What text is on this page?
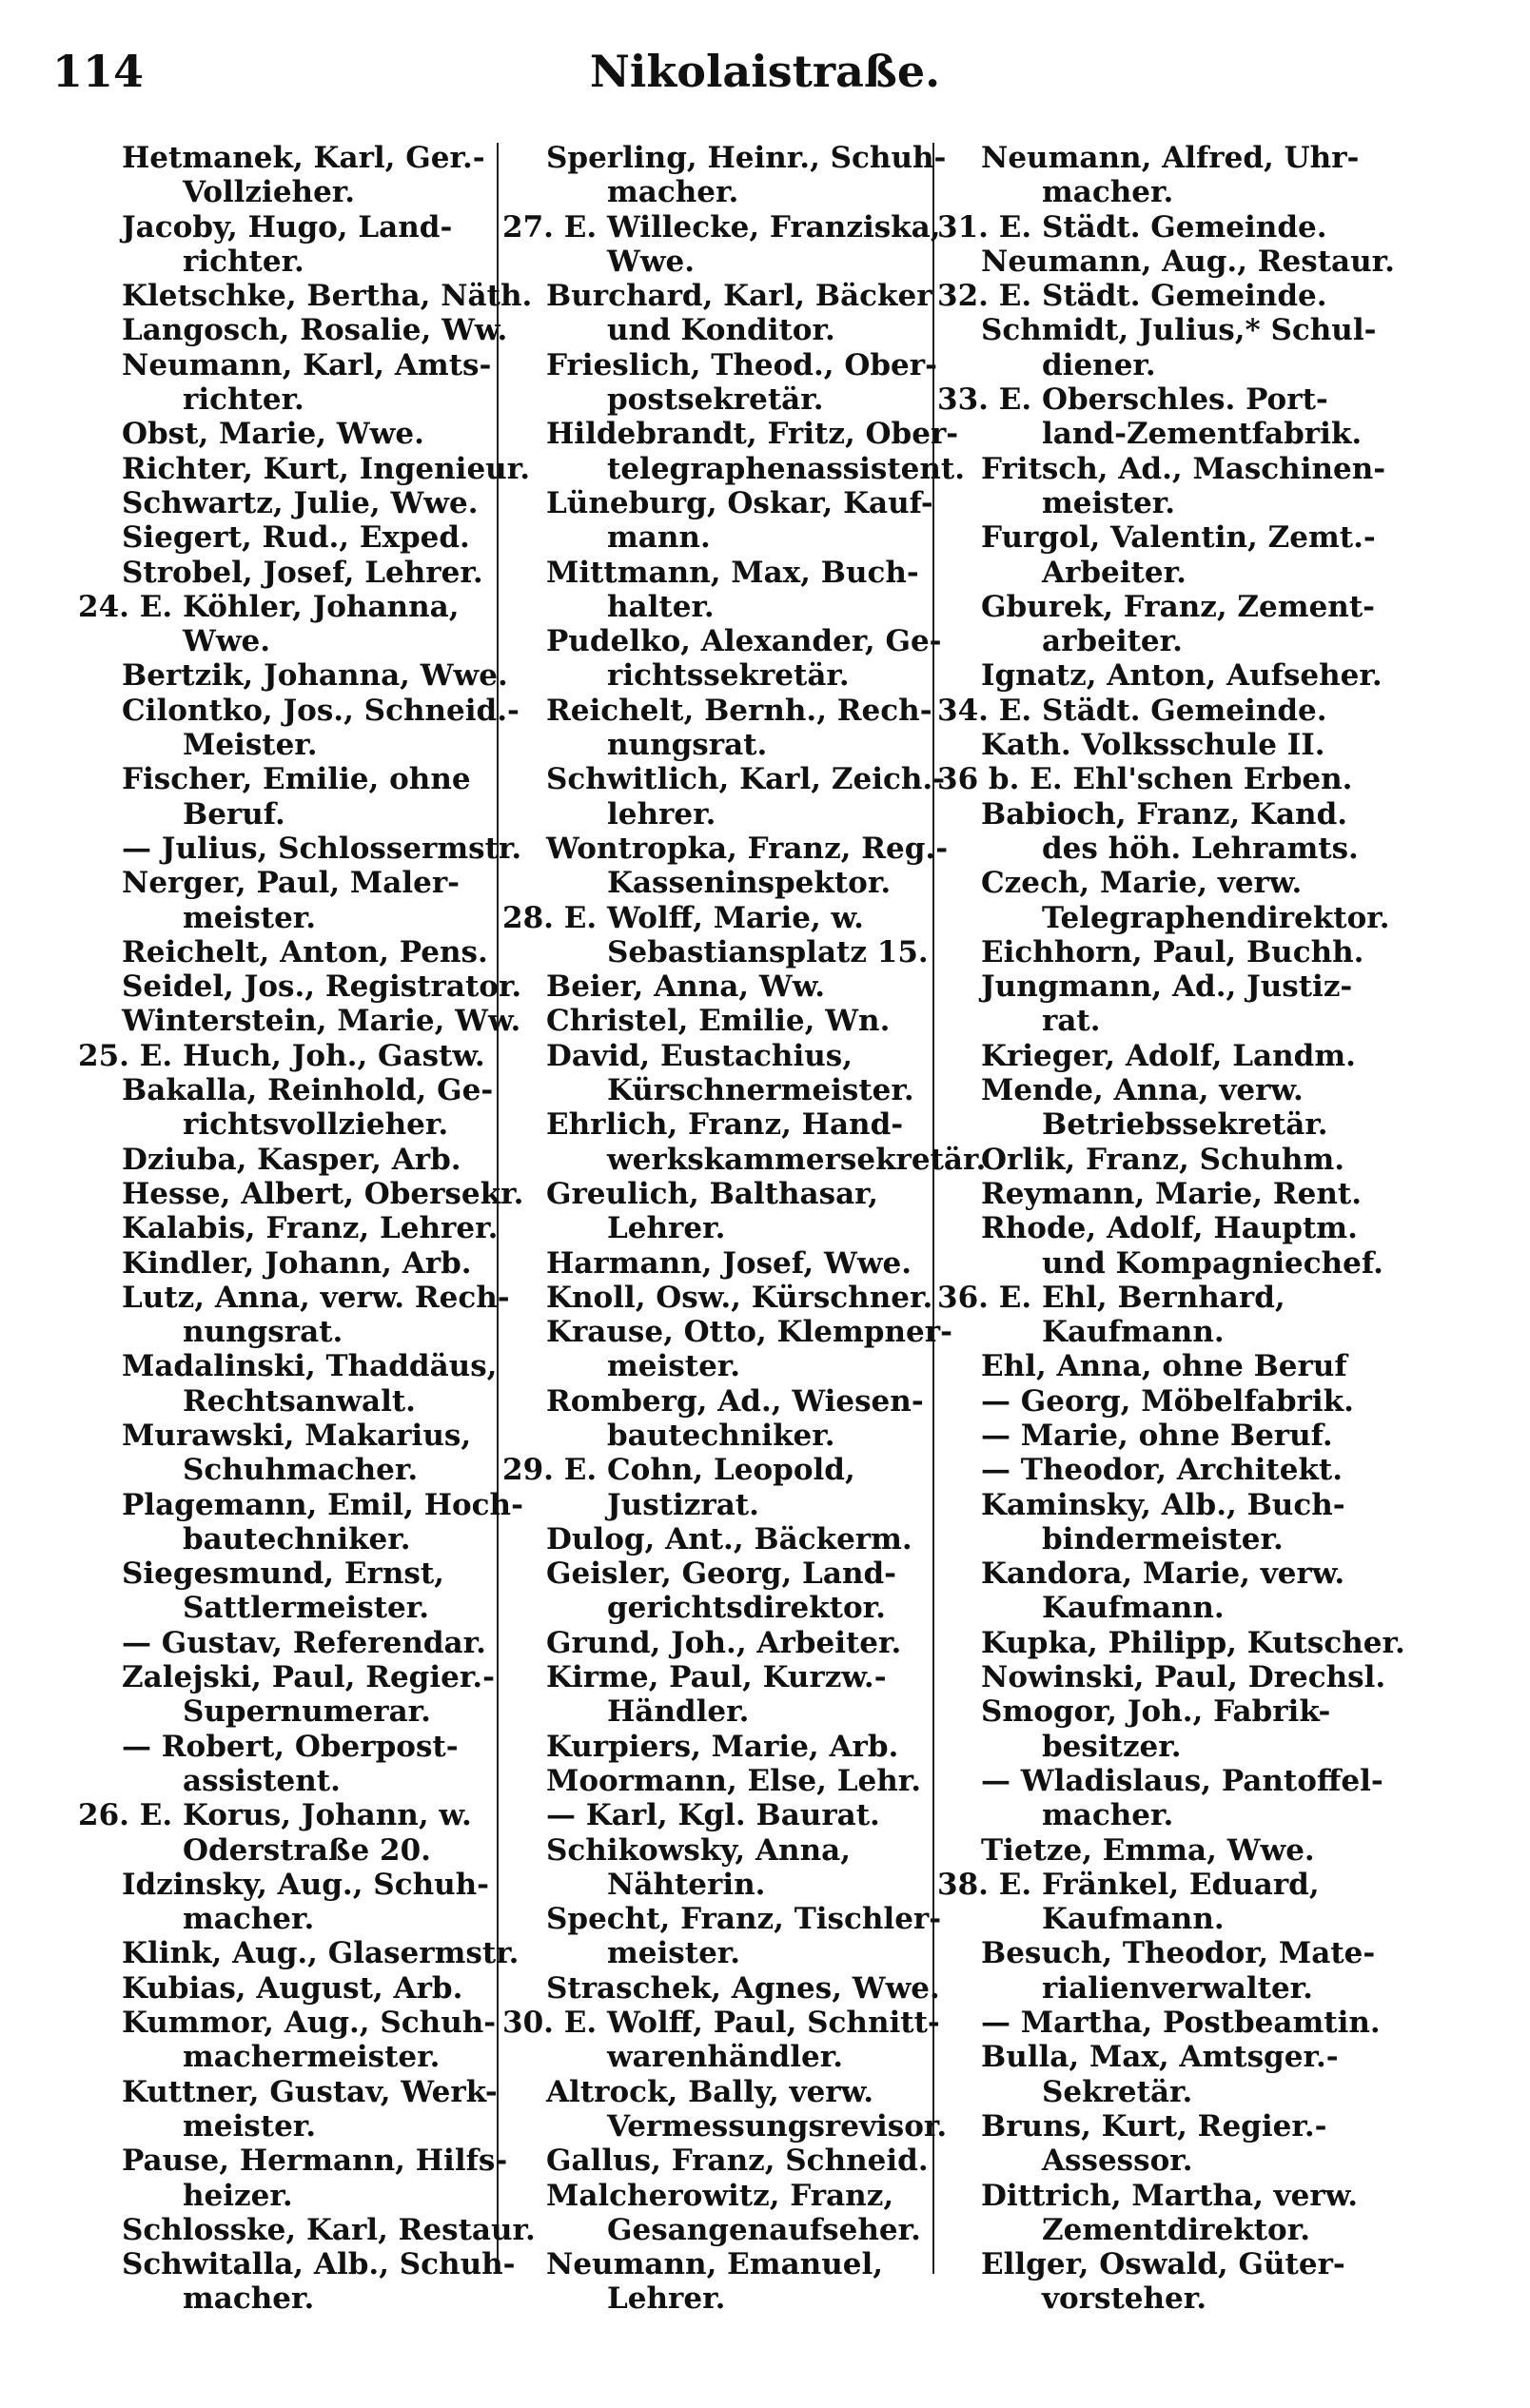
114	Nikolaistraße.
Hetmanek, Karl, Ger.-
Vollzieher.
Jacoby, Hugo, Land-
richter.
Kletschke, Bertha, Näth.
Langosch, Rosalie, Ww.
Neumann, Karl, Amts-
richter.
Obst, Marie, Wwe.
Richter, Kurt, Ingenieur.
Schwartz, Julie, Wwe.
Siegert, Rud., Exped.
Strobel, Josef, Lehrer.
24. E. Köhler, Johanna,
Wwe.
Bertzik, Johanna, Wwe.
Cilontko, Jos., Schneid.-
Meister.
Fischer, Emilie, ohne
Beruf.
— Julius, Schlossermstr.
Nerger, Paul, Maler-
meister.
Reichelt, Anton, Pens.
Seidel, Jos., Registrator.
Winterstein, Marie, Ww.
25. E. Huch, Joh., Gastw.
Bakalla, Reinhold, Ge-
richtsvollzieher.
Dziuba, Kasper, Arb.
Hesse, Albert, Obersekr.
Kalabis, Franz, Lehrer.
Kindler, Johann, Arb.
Lutz, Anna, verw. Rech-
nungsrat.
Madalinski, Thaddäus,
Rechtsanwalt.
Murawski, Makarius,
Schuhmacher.
Plagemann, Emil, Hoch-
bautechniker.
Siegesmund, Ernst,
Sattlermeister.
— Gustav, Referendar.
Zalejski, Paul, Regier.-
Supernumerar.
— Robert, Oberpost-
assistent.
26. E. Korus, Johann, w.
Oderstraße 20.
Idzinsky, Aug., Schuh-
macher.
Klink, Aug., Glasermstr.
Kubias, August, Arb.
Kummor, Aug., Schuh-
machermeister.
Kuttner, Gustav, Werk-
meister.
Pause, Hermann, Hilfs-
heizer.
Schlosske, Karl, Restaur.
Schwitalla, Alb., Schuh-
macher.
Sperling, Heinr., Schuh-
macher.
27. E. Willecke, Franziska,
Wwe.
Burchard, Karl, Bäcker
und Konditor.
Frieslich, Theod., Ober-
postsekretär.
Hildebrandt, Fritz, Ober-
telegraphenassistent.
Lüneburg, Oskar, Kauf-
mann.
Mittmann, Max, Buch-
halter.
Pudelko, Alexander, Ge-
richtssekretär.
Reichelt, Bernh., Rech-
nungsrat.
Schwitlich, Karl, Zeich.-
lehrer.
Wontropka, Franz, Reg.-
Kasseninspektor.
28. E. Wolff, Marie, w.
Sebastiansplatz 15.
Beier, Anna, Ww.
Christel, Emilie, Wn.
David, Eustachius,
Kürschnermeister.
Ehrlich, Franz, Hand-
werkskammersekretär.
Greulich, Balthasar,
Lehrer.
Harmann, Josef, Wwe.
Knoll, Osw., Kürschner.
Krause, Otto, Klempner-
meister.
Romberg, Ad., Wiesen-
bautechniker.
29. E. Cohn, Leopold,
Justizrat.
Dulog, Ant., Bäckerm.
Geisler, Georg, Land-
gerichtsdirektor.
Grund, Joh., Arbeiter.
Kirme, Paul, Kurzw.-
Händler.
Kurpiers, Marie, Arb.
Moormann, Else, Lehr.
— Karl, Kgl. Baurat.
Schikowsky, Anna,
Nähterin.
Specht, Franz, Tischler-
meister.
Straschek, Agnes, Wwe.
30. E. Wolff, Paul, Schnitt-
warenhändler.
Altrock, Bally, verw.
Vermessungsrevisor.
Gallus, Franz, Schneid.
Malcherowitz, Franz,
Gesangenaufseher.
Neumann, Emanuel,
Lehrer.
Neumann, Alfred, Uhr-
macher.
31. E. Städt. Gemeinde.
Neumann, Aug., Restaur.
32. E. Städt. Gemeinde.
Schmidt, Julius,* Schul-
diener.
33. E. Oberschles. Port-
land-Zementfabrik.
Fritsch, Ad., Maschinen-
meister.
Furgol, Valentin, Zemt.-
Arbeiter.
Gburek, Franz, Zement-
arbeiter.
Ignatz, Anton, Aufseher.
34. E. Städt. Gemeinde.
Kath. Volksschule II.
36 b. E. Ehl'schen Erben.
Babioch, Franz, Kand.
des höh. Lehramts.
Czech, Marie, verw.
Telegraphendirektor.
Eichhorn, Paul, Buchh.
Jungmann, Ad., Justiz-
rat.
Krieger, Adolf, Landm.
Mende, Anna, verw.
Betriebssekretär.
Orlik, Franz, Schuhm.
Reymann, Marie, Rent.
Rhode, Adolf, Hauptm.
und Kompagniechef.
36. E. Ehl, Bernhard,
Kaufmann.
Ehl, Anna, ohne Beruf
— Georg, Möbelfabrik.
— Marie, ohne Beruf.
— Theodor, Architekt.
Kaminsky, Alb., Buch-
bindermeister.
Kandora, Marie, verw.
Kaufmann.
Kupka, Philipp, Kutscher.
Nowinski, Paul, Drechsl.
Smogor, Joh., Fabrik-
besitzer.
— Wladislaus, Pantoffel-
macher.
Tietze, Emma, Wwe.
38. E. Fränkel, Eduard,
Kaufmann.
Besuch, Theodor, Mate-
rialienverwalter.
— Martha, Postbeamtin.
Bulla, Max, Amtsger.-
Sekretär.
Bruns, Kurt, Regier.-
Assessor.
Dittrich, Martha, verw.
Zementdirektor.
Ellger, Oswald, Güter-
vorsteher.
